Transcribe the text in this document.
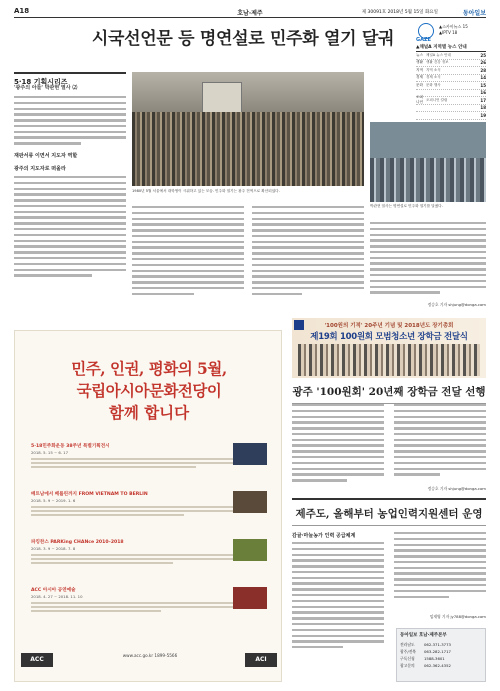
A18	호남·제주	제 30091호 2018년 5월 15일 화요일	동아일보
시국선언문 등 명연설로 민주화 열기 달궈	GAZE
▲스카이뉴스 15
▲IPTV 18
▲채널A 지역별 뉴스 안내
뉴스 채널A 뉴스 안내	25
생활 생활 건강 정보	26
지역 지역 소식	28
경제 경제 소식	14
문화 문화 행사	15
16
오피니언
오피니언 칼럼	17
18
19
5·18 기획시리즈
'광주의 아들' 박관현 열사 ⑵
재판서류 이면서 지도자 역할
광주의 지도자로 떠올라
1980년 5월 서울에서 대학생이 시위하고 있는 모습. 민주화 열기는 광주 전역으로 확산되었다.
박관현 열사는 명연설로 민주화 열기를 달궜다.
정승호 기자 shjung@donga.com
민주, 인권, 평화의 5월,
국립아시아문화전당이
함께 합니다
5·18민주화운동 38주년 특별기획전시
2018. 5. 15 ~ 6. 17
베트남에서 베를린까지 FROM VIETNAM TO BERLIN
2018. 5. 9 ~ 2019. 1. 6
파킹찬스 PARKing CHANce 2010–2018
2018. 3. 9 ~ 2018. 7. 8
ACC 아시아 공연예술
2018. 4. 27 ~ 2018. 11. 10
ACC
www.acc.go.kr 1899-5566
ACI
'100원의 기적' 20주년 기념 및 2018년도 장기총회
제19회 100원회 모범청소년 장학금 전달식
광주 '100원회' 20년째 장학금 전달 선행
정승호 기자 shjung@donga.com
제주도, 올해부터 농업인력지원센터 운영
감귤·마늘농가 인력 공급체계
임재영 기자 jy788@donga.com
동아일보 호남·제주본부
전라남도	062-371-3773
광주/전북	063-282-1717
구독신청	1588-3601
광고문의	062-362-4352
